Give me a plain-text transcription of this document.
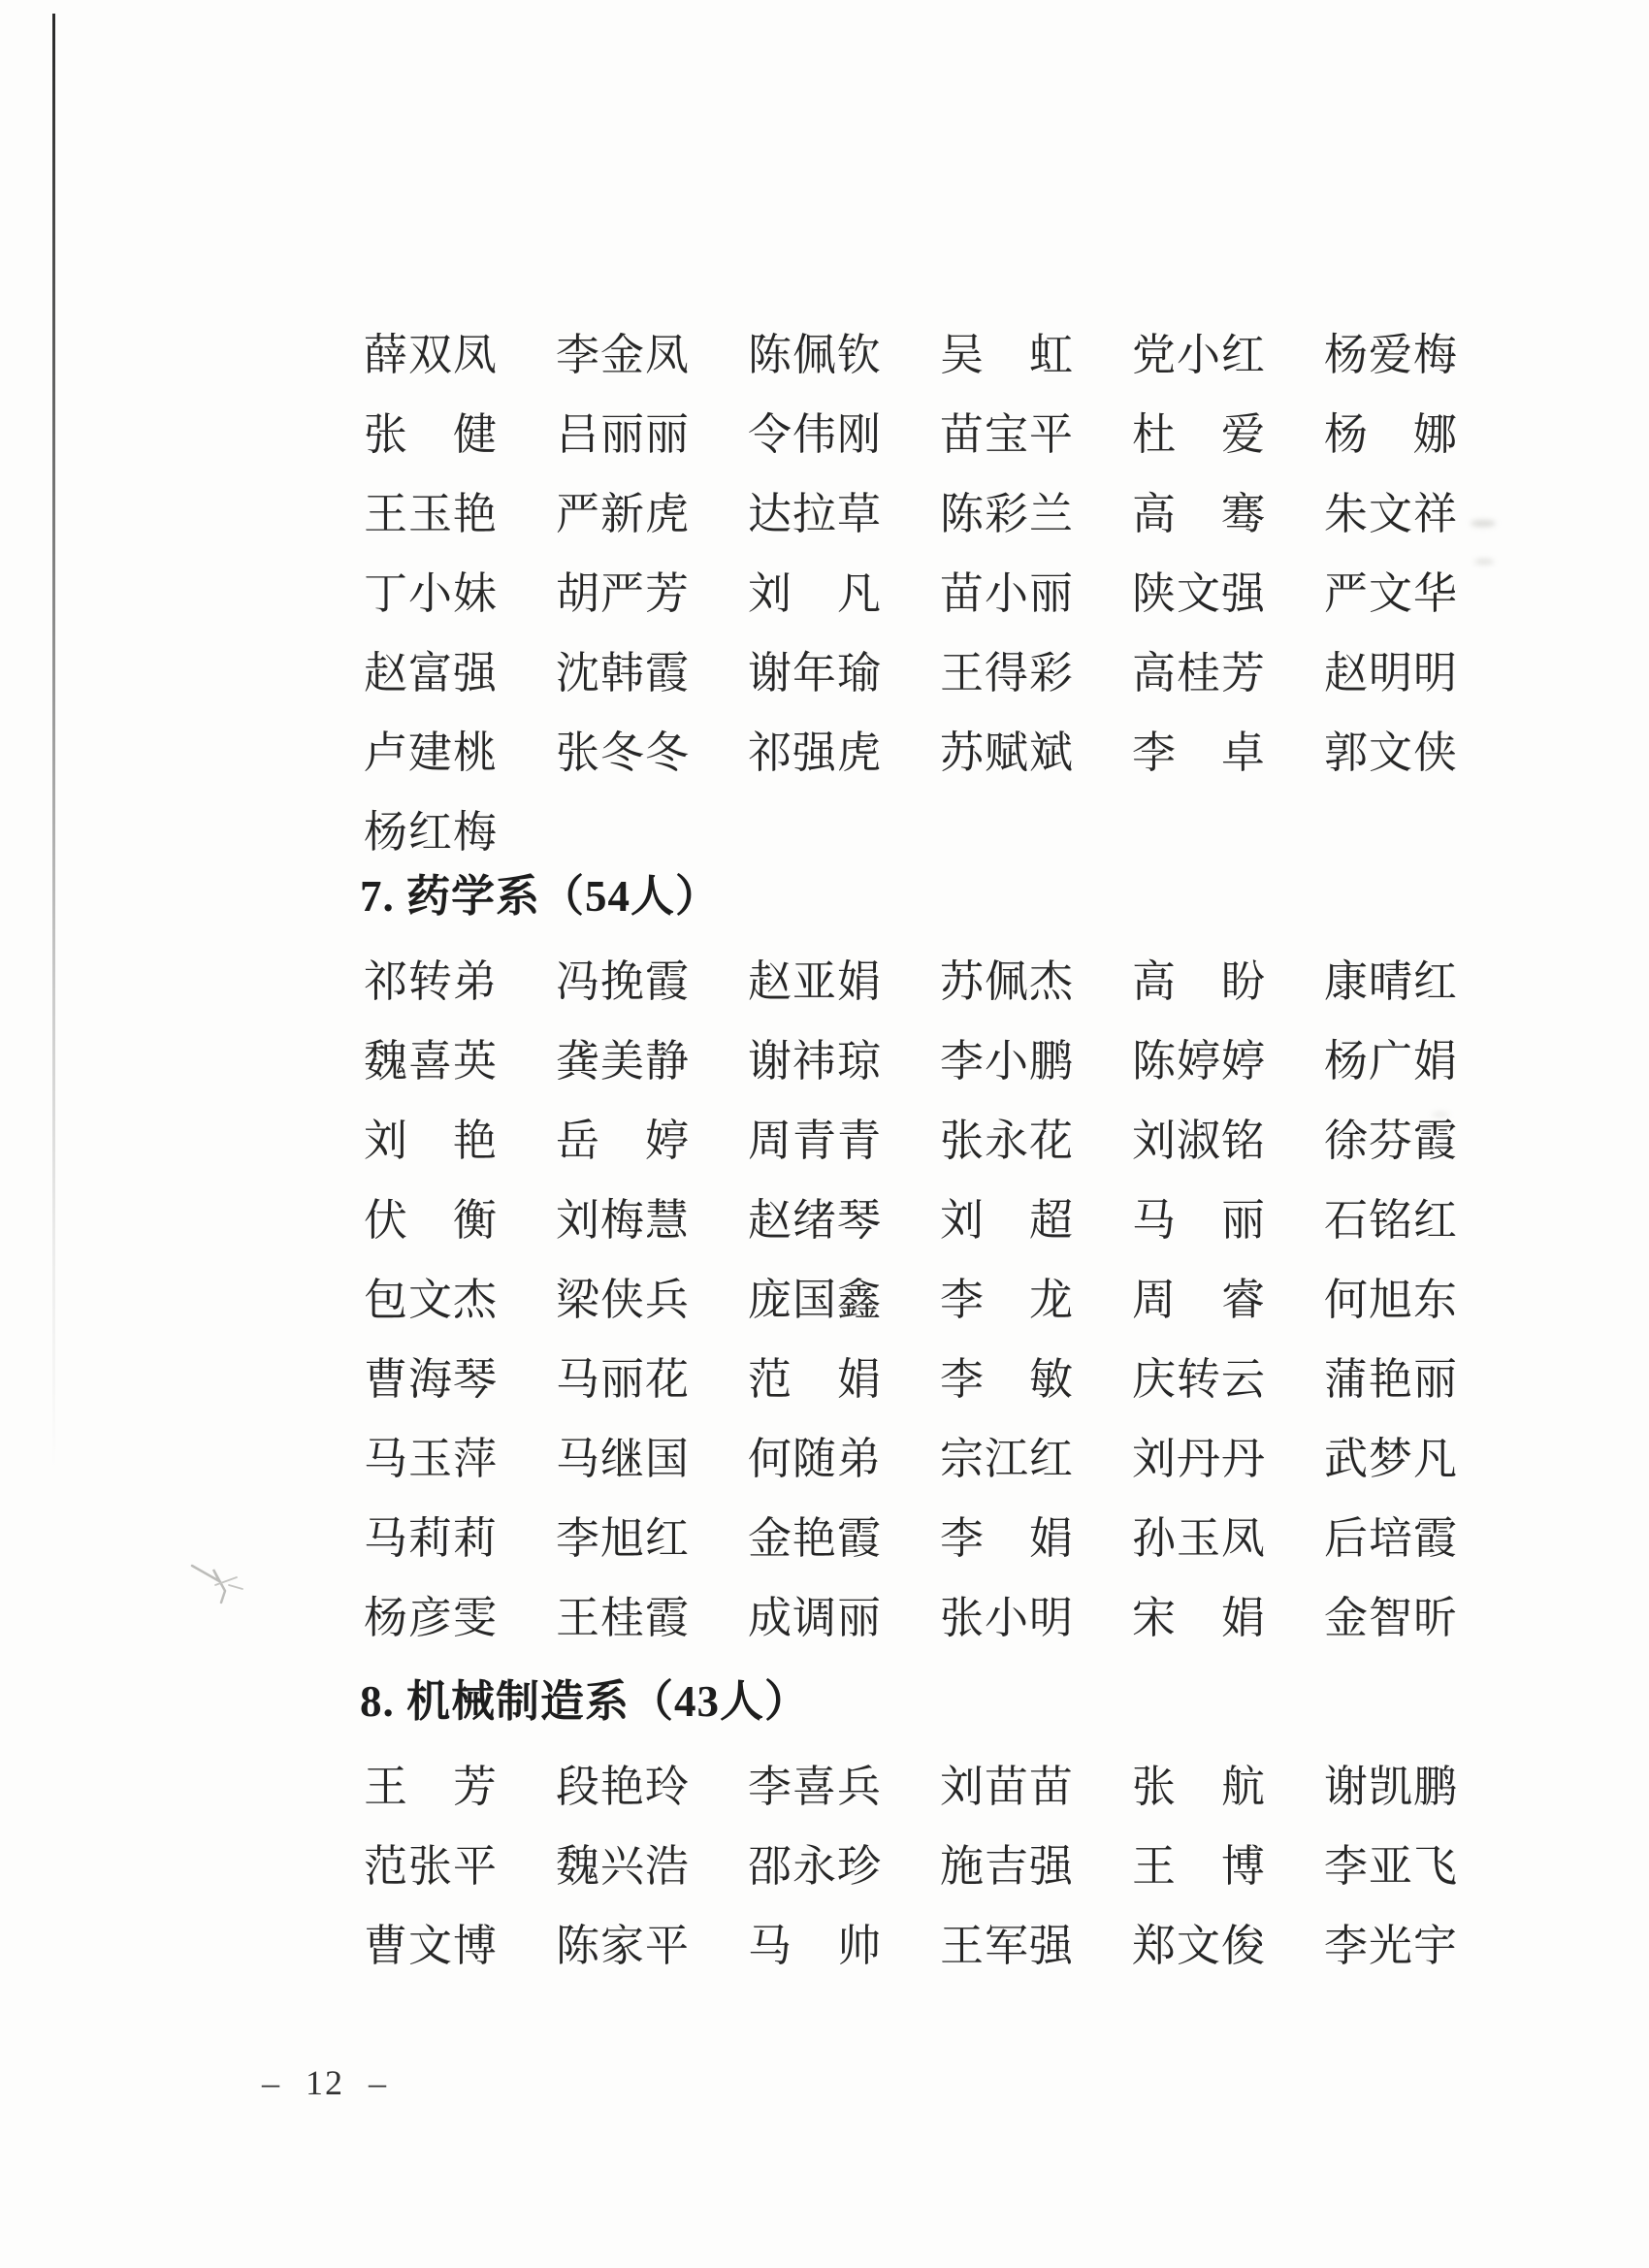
薛 双 凤 李 金 凤 陈 佩 钦 吴 虹 党 小 红 杨 爱 梅
张 健 吕 丽 丽 令 伟 刚 苗 宝 平 杜 爱 杨 娜
王 玉 艳 严 新 虎 达 拉 草 陈 彩 兰 高 骞 朱 文 祥
丁 小 妹 胡 严 芳 刘 凡 苗 小 丽 陕 文 强 严 文 华
赵 富 强 沈 韩 霞 谢 年 瑜 王 得 彩 高 桂 芳 赵 明 明
卢 建 桃 张 冬 冬 祁 强 虎 苏 赋 斌 李 卓 郭 文 侠
杨 红 梅
7. 药学系（54人）
祁 转 弟 冯 挽 霞 赵 亚 娟 苏 佩 杰 高 盼 康 晴 红
魏 喜 英 龚 美 静 谢 祎 琼 李 小 鹏 陈 婷 婷 杨 广 娟
刘 艳 岳 婷 周 青 青 张 永 花 刘 淑 铭 徐 芬 霞
伏 衡 刘 梅 慧 赵 绪 琴 刘 超 马 丽 石 铭 红
包 文 杰 梁 侠 兵 庞 国 鑫 李 龙 周 睿 何 旭 东
曹 海 琴 马 丽 花 范 娟 李 敏 庆 转 云 蒲 艳 丽
马 玉 萍 马 继 国 何 随 弟 宗 江 红 刘 丹 丹 武 梦 凡
马 莉 莉 李 旭 红 金 艳 霞 李 娟 孙 玉 凤 后 培 霞
杨 彦 雯 王 桂 霞 成 调 丽 张 小 明 宋 娟 金 智 昕
8. 机械制造系（43人）
王 芳 段 艳 玲 李 喜 兵 刘 苗 苗 张 航 谢 凯 鹏
范 张 平 魏 兴 浩 邵 永 珍 施 吉 强 王 博 李 亚 飞
曹 文 博 陈 家 平 马 帅 王 军 强 郑 文 俊 李 光 宇
– 12 –
